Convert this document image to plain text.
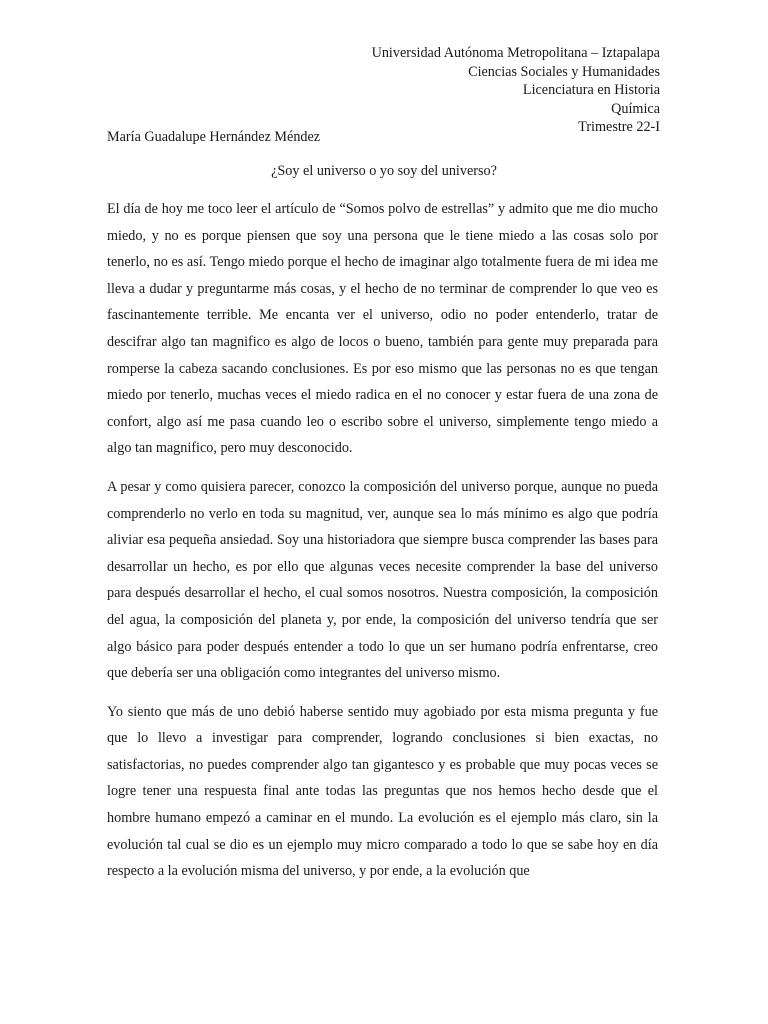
Universidad Autónoma Metropolitana – Iztapalapa
Ciencias Sociales y Humanidades
Licenciatura en Historia
Química
Trimestre 22-I
María Guadalupe Hernández Méndez
¿Soy el universo o yo soy del universo?

El día de hoy me toco leer el artículo de “Somos polvo de estrellas” y admito que me dio mucho miedo, y no es porque piensen que soy una persona que le tiene miedo a las cosas solo por tenerlo, no es así. Tengo miedo porque el hecho de imaginar algo totalmente fuera de mi idea me lleva a dudar y preguntarme más cosas, y el hecho de no terminar de comprender lo que veo es fascinantemente terrible. Me encanta ver el universo, odio no poder entenderlo, tratar de descifrar algo tan magnifico es algo de locos o bueno, también para gente muy preparada para romperse la cabeza sacando conclusiones. Es por eso mismo que las personas no es que tengan miedo por tenerlo, muchas veces el miedo radica en el no conocer y estar fuera de una zona de confort, algo así me pasa cuando leo o escribo sobre el universo, simplemente tengo miedo a algo tan magnifico, pero muy desconocido.

A pesar y como quisiera parecer, conozco la composición del universo porque, aunque no pueda comprenderlo no verlo en toda su magnitud, ver, aunque sea lo más mínimo es algo que podría aliviar esa pequeña ansiedad. Soy una historiadora que siempre busca comprender las bases para desarrollar un hecho, es por ello que algunas veces necesite comprender la base del universo para después desarrollar el hecho, el cual somos nosotros. Nuestra composición, la composición del agua, la composición del planeta y, por ende, la composición del universo tendría que ser algo básico para poder después entender a todo lo que un ser humano podría enfrentarse, creo que debería ser una obligación como integrantes del universo mismo.

Yo siento que más de uno debió haberse sentido muy agobiado por esta misma pregunta y fue que lo llevo a investigar para comprender, logrando conclusiones si bien exactas, no satisfactorias, no puedes comprender algo tan gigantesco y es probable que muy pocas veces se logre tener una respuesta final ante todas las preguntas que nos hemos hecho desde que el hombre humano empezó a caminar en el mundo. La evolución es el ejemplo más claro, sin la evolución tal cual se dio es un ejemplo muy micro comparado a todo lo que se sabe hoy en día respecto a la evolución misma del universo, y por ende, a la evolución que
